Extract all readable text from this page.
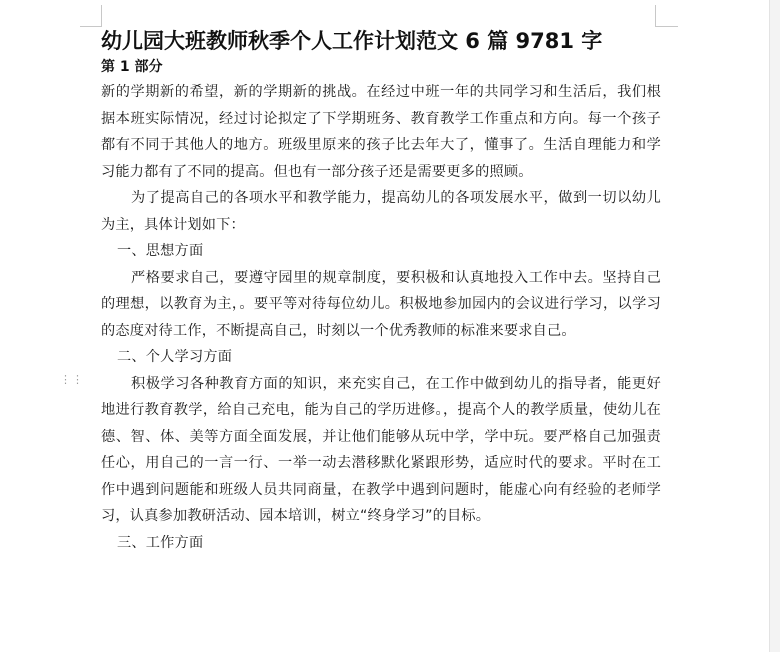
⋮⋮
幼儿园大班教师秋季个人工作计划范文 6 篇 9781 字
第 1 部分

新的学期新的希望，新的学期新的挑战。在经过中班一年的共同学习和生活后，我们根据本班实际情况，经过讨论拟定了下学期班务、教育教学工作重点和方向。每一个孩子都有不同于其他人的地方。班级里原来的孩子比去年大了，懂事了。生活自理能力和学习能力都有了不同的提高。但也有一部分孩子还是需要更多的照顾。

为了提高自己的各项水平和教学能力，提高幼儿的各项发展水平，做到一切以幼儿为主，具体计划如下：

一、思想方面

严格要求自己，要遵守园里的规章制度，要积极和认真地投入工作中去。坚持自己的理想，以教育为主，。要平等对待每位幼儿。积极地参加园内的会议进行学习，以学习的态度对待工作，不断提高自己，时刻以一个优秀教师的标准来要求自己。

二、个人学习方面

积极学习各种教育方面的知识，来充实自己，在工作中做到幼儿的指导者，能更好地进行教育教学，给自己充电，能为自己的学历进修。，提高个人的教学质量，使幼儿在德、智、体、美等方面全面发展，并让他们能够从玩中学，学中玩。要严格自己加强责任心，用自己的一言一行、一举一动去潜移默化紧跟形势，适应时代的要求。平时在工作中遇到问题能和班级人员共同商量，在教学中遇到问题时，能虚心向有经验的老师学习，认真参加教研活动、园本培训，树立“终身学习”的目标。

三、工作方面
